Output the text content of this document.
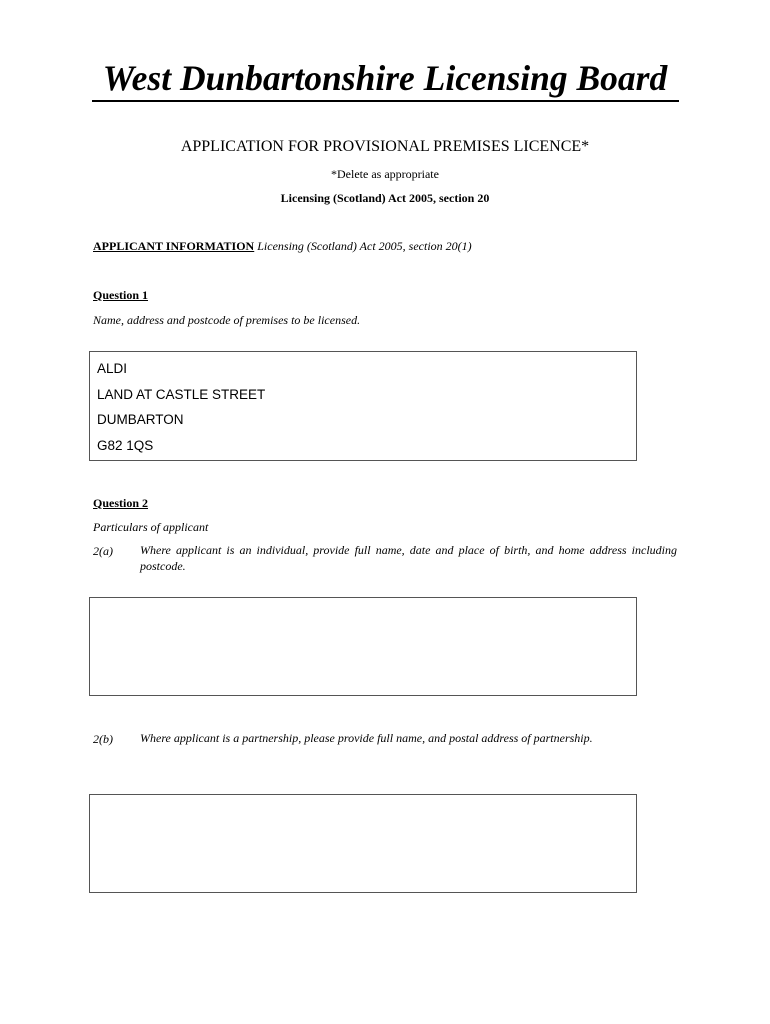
West Dunbartonshire Licensing Board
APPLICATION FOR PROVISIONAL PREMISES LICENCE*
*Delete as appropriate
Licensing (Scotland) Act 2005, section 20
APPLICANT INFORMATION Licensing (Scotland) Act 2005, section 20(1)
Question 1
Name, address and postcode of premises to be licensed.
ALDI
LAND AT CASTLE STREET
DUMBARTON
G82 1QS
Question 2
Particulars of applicant
2(a) Where applicant is an individual, provide full name, date and place of birth, and home address including postcode.
2(b) Where applicant is a partnership, please provide full name, and postal address of partnership.
